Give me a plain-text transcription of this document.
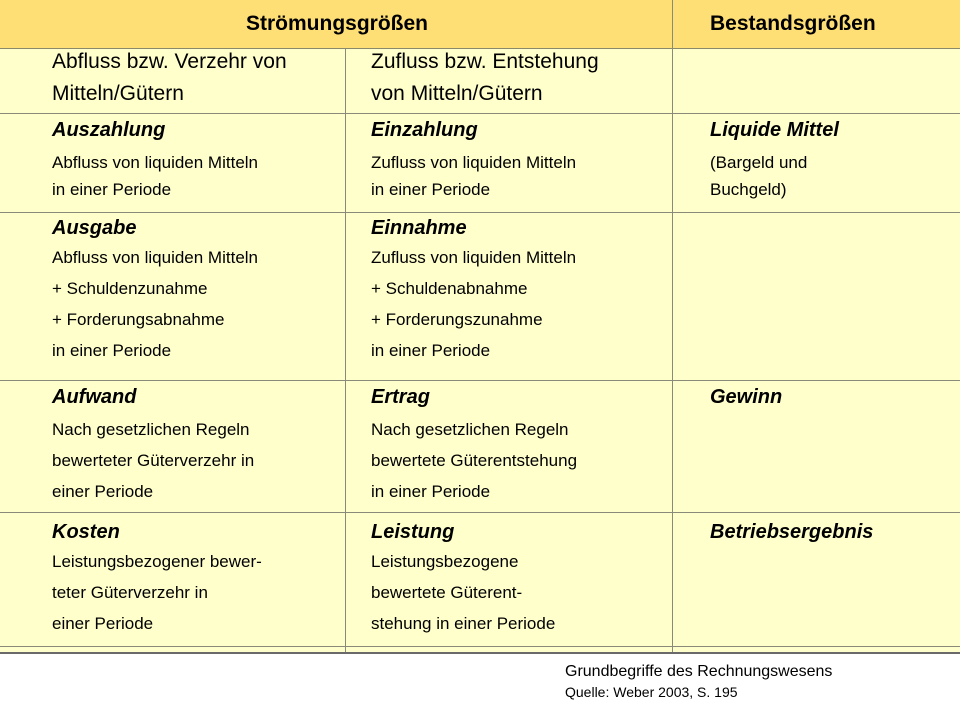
Strömungsgrößen	Bestandsgrößen
Abfluss bzw. Verzehr von
Mitteln/Gütern
Zufluss bzw. Entstehung
von Mitteln/Gütern
Auszahlung
Abfluss von liquiden Mitteln
in einer Periode
Einzahlung
Zufluss von liquiden Mitteln
in einer Periode
Liquide Mittel
(Bargeld und
Buchgeld)
Ausgabe
Abfluss von liquiden Mitteln
+ Schuldenzunahme
+ Forderungsabnahme
in einer Periode
Einnahme
Zufluss von liquiden Mitteln
+ Schuldenabnahme
+ Forderungszunahme
in einer Periode
Aufwand
Nach gesetzlichen Regeln
bewerteter Güterverzehr in
einer Periode
Ertrag
Nach gesetzlichen Regeln
bewertete Güterentstehung
in einer Periode
Gewinn
Kosten
Leistungsbezogener bewer-
teter Güterverzehr in
einer Periode
Leistung
Leistungsbezogene
bewertete Güterent-
stehung in einer Periode
Betriebsergebnis
Grundbegriffe des Rechnungswesens
Quelle: Weber 2003, S. 195
